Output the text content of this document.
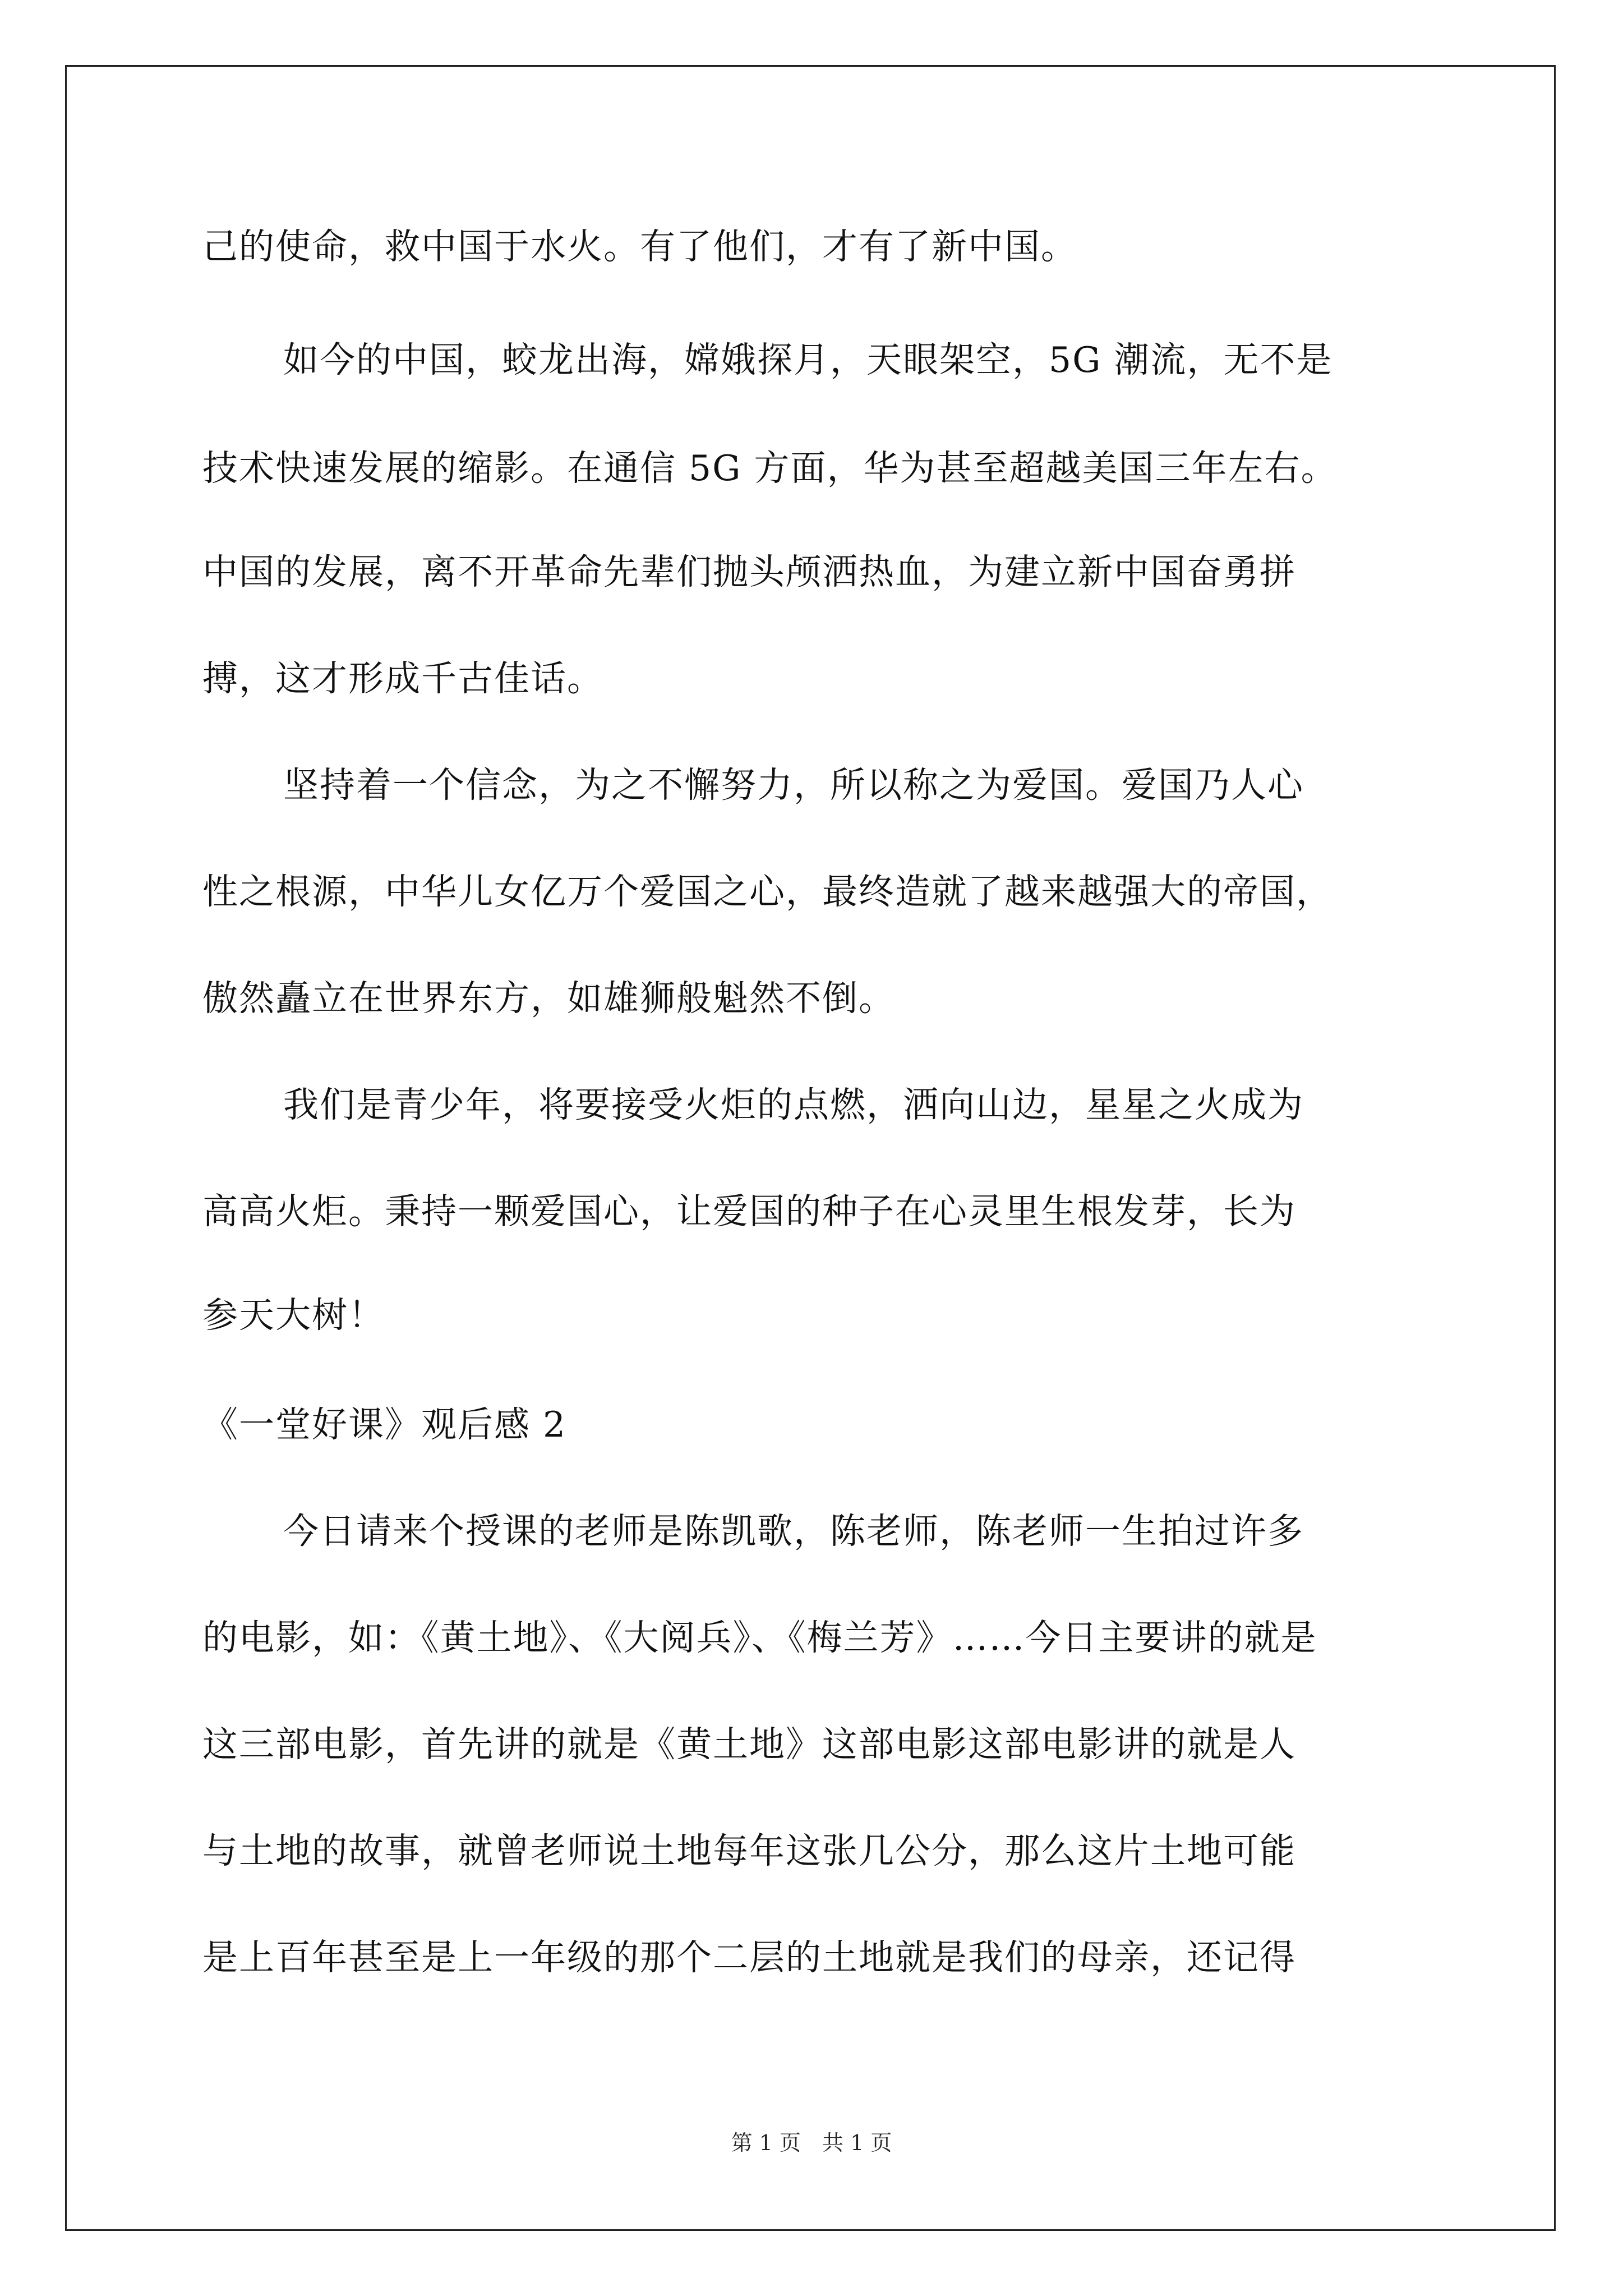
己的使命，救中国于水火。有了他们，才有了新中国。

如今的中国，蛟龙出海，嫦娥探月，天眼架空，5G 潮流，无不是

技术快速发展的缩影。在通信 5G 方面，华为甚至超越美国三年左右。

中国的发展，离不开革命先辈们抛头颅洒热血，为建立新中国奋勇拼

搏，这才形成千古佳话。

坚持着一个信念，为之不懈努力，所以称之为爱国。爱国乃人心

性之根源，中华儿女亿万个爱国之心，最终造就了越来越强大的帝国，

傲然矗立在世界东方，如雄狮般魁然不倒。

我们是青少年，将要接受火炬的点燃，洒向山边，星星之火成为

高高火炬。秉持一颗爱国心，让爱国的种子在心灵里生根发芽，长为

参天大树！

《一堂好课》观后感 2

今日请来个授课的老师是陈凯歌，陈老师，陈老师一生拍过许多

的电影，如：《黄土地》、《大阅兵》、《梅兰芳》……今日主要讲的就是

这三部电影，首先讲的就是《黄土地》这部电影这部电影讲的就是人

与土地的故事，就曾老师说土地每年这张几公分，那么这片土地可能

是上百年甚至是上一年级的那个二层的土地就是我们的母亲，还记得

第 1 页　共 1 页
